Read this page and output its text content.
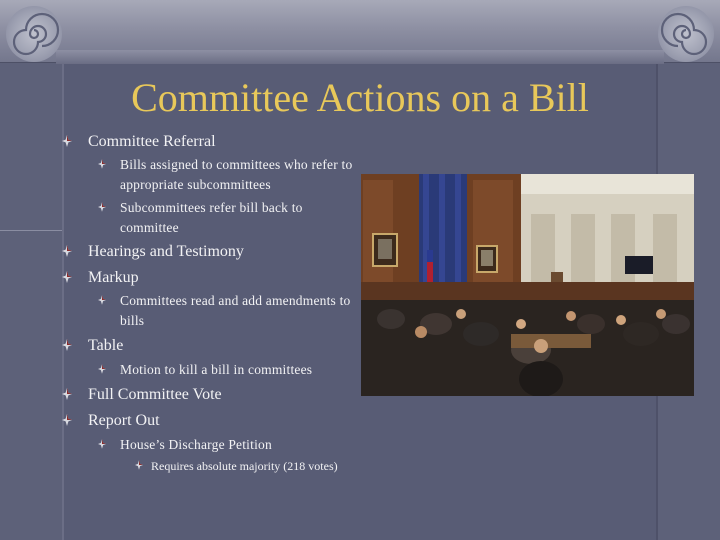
Committee Actions on a Bill
Committee Referral
Bills assigned to committees who refer to appropriate subcommittees
Subcommittees refer bill back to committee
Hearings and Testimony
Markup
Committees read and add amendments to bills
Table
Motion to kill a bill in committees
Full Committee Vote
Report Out
House’s Discharge Petition
Requires absolute majority (218 votes)
